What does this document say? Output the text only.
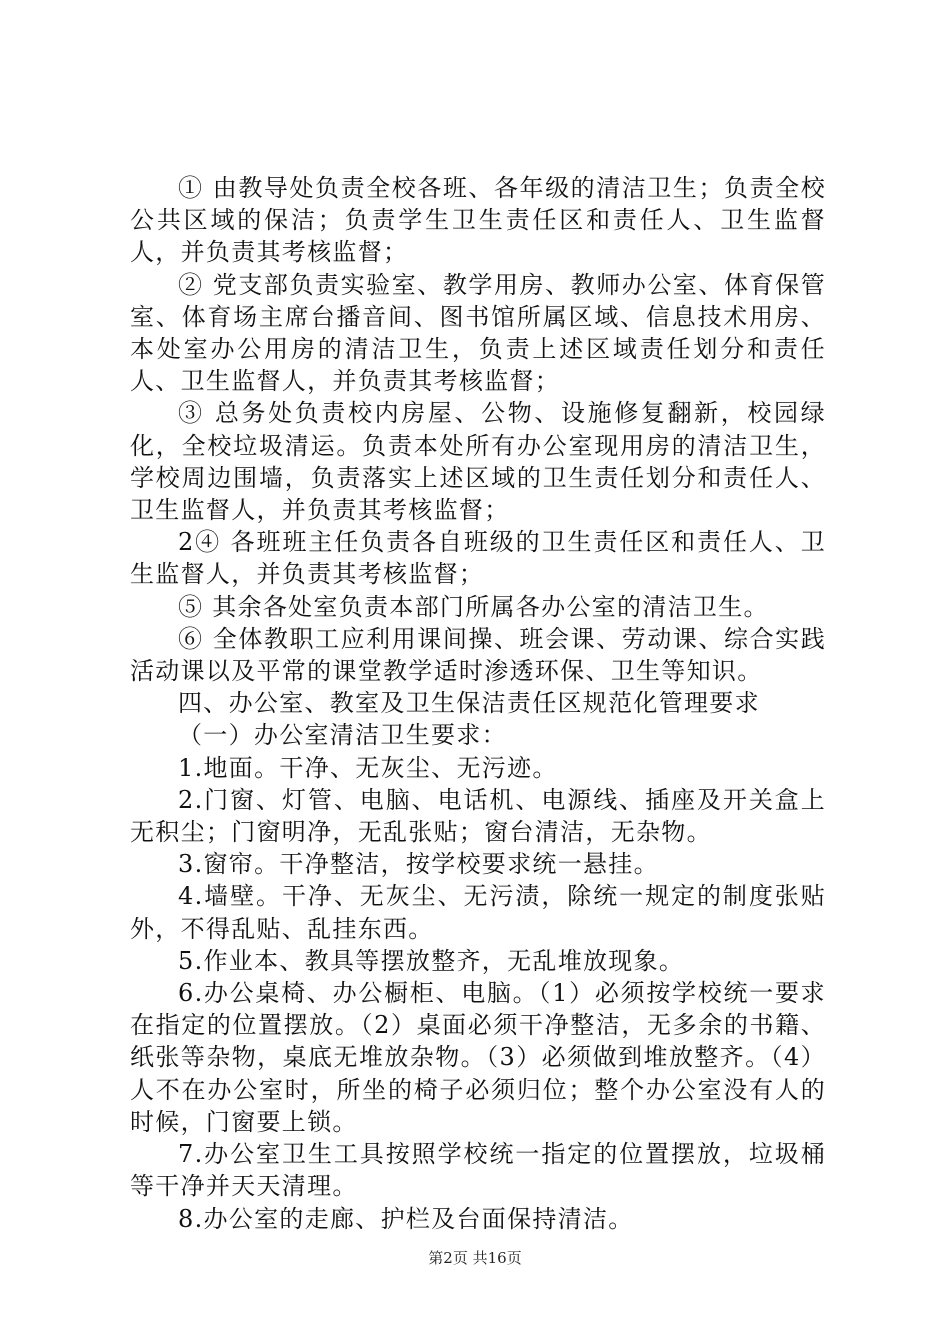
① 由教导处负责全校各班、各年级的清洁卫生；负责全校公共区域的保洁；负责学生卫生责任区和责任人、卫生监督人，并负责其考核监督；

② 党支部负责实验室、教学用房、教师办公室、体育保管室、体育场主席台播音间、图书馆所属区域、信息技术用房、本处室办公用房的清洁卫生，负责上述区域责任划分和责任人、卫生监督人，并负责其考核监督；

③ 总务处负责校内房屋、公物、设施修复翻新，校园绿化，全校垃圾清运。负责本处所有办公室现用房的清洁卫生，学校周边围墙，负责落实上述区域的卫生责任划分和责任人、卫生监督人，并负责其考核监督；

2④ 各班班主任负责各自班级的卫生责任区和责任人、卫生监督人，并负责其考核监督；

⑤ 其余各处室负责本部门所属各办公室的清洁卫生。

⑥ 全体教职工应利用课间操、班会课、劳动课、综合实践活动课以及平常的课堂教学适时渗透环保、卫生等知识。

四、办公室、教室及卫生保洁责任区规范化管理要求

（一）办公室清洁卫生要求：

1.地面。干净、无灰尘、无污迹。

2.门窗、灯管、电脑、电话机、电源线、插座及开关盒上无积尘；门窗明净，无乱张贴；窗台清洁，无杂物。

3.窗帘。干净整洁，按学校要求统一悬挂。

4.墙壁。干净、无灰尘、无污渍，除统一规定的制度张贴外，不得乱贴、乱挂东西。

5.作业本、教具等摆放整齐，无乱堆放现象。

6.办公桌椅、办公橱柜、电脑。（1）必须按学校统一要求在指定的位置摆放。（2）桌面必须干净整洁，无多余的书籍、纸张等杂物，桌底无堆放杂物。（3）必须做到堆放整齐。（4）人不在办公室时，所坐的椅子必须归位；整个办公室没有人的时候，门窗要上锁。

7.办公室卫生工具按照学校统一指定的位置摆放，垃圾桶等干净并天天清理。

8.办公室的走廊、护栏及台面保持清洁。

第2页 共16页
